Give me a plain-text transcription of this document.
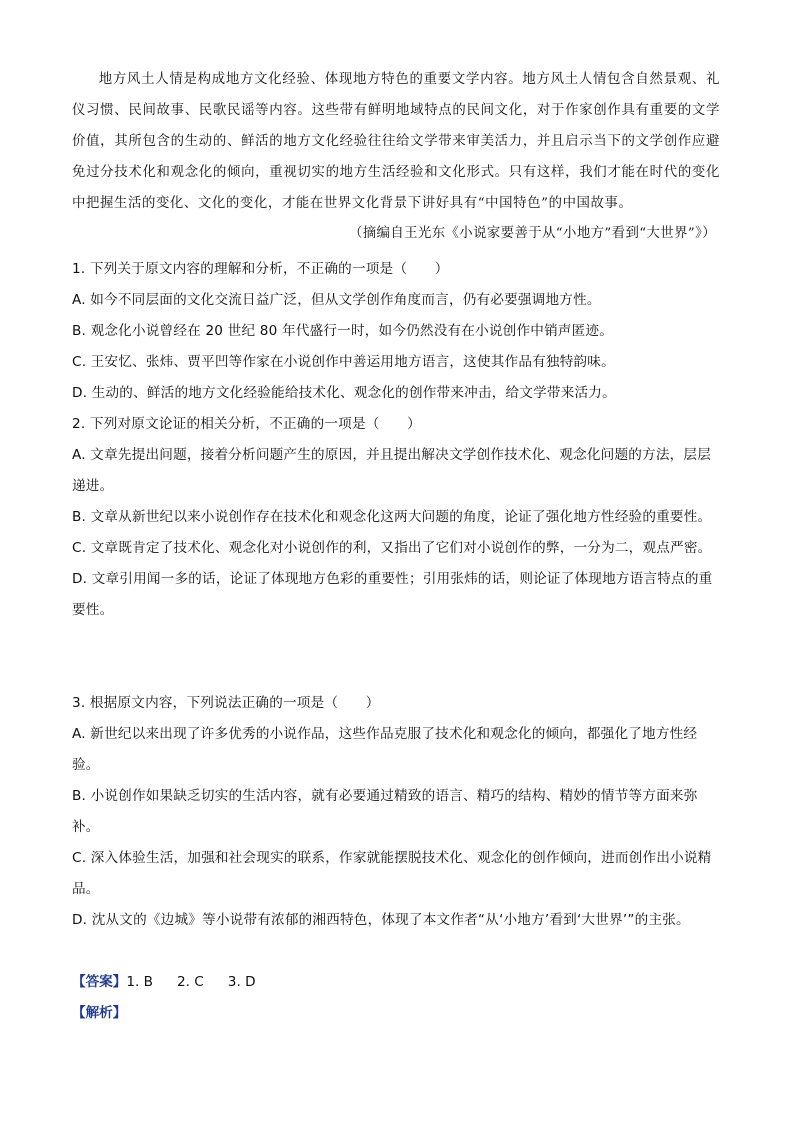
地方风土人情是构成地方文化经验、体现地方特色的重要文学内容。地方风土人情包含自然景观、礼仪习惯、民间故事、民歌民谣等内容。这些带有鲜明地域特点的民间文化，对于作家创作具有重要的文学价值，其所包含的生动的、鲜活的地方文化经验往往给文学带来审美活力，并且启示当下的文学创作应避免过分技术化和观念化的倾向，重视切实的地方生活经验和文化形式。只有这样，我们才能在时代的变化中把握生活的变化、文化的变化，才能在世界文化背景下讲好具有“中国特色”的中国故事。
（摘编自王光东《小说家要善于从“小地方”看到“大世界”》）
1. 下列关于原文内容的理解和分析，不正确的一项是（　　）
A. 如今不同层面的文化交流日益广泛，但从文学创作角度而言，仍有必要强调地方性。
B. 观念化小说曾经在 20 世纪 80 年代盛行一时，如今仍然没有在小说创作中销声匿迹。
C. 王安忆、张炜、贾平凹等作家在小说创作中善运用地方语言，这使其作品有独特韵味。
D. 生动的、鲜活的地方文化经验能给技术化、观念化的创作带来冲击，给文学带来活力。
2. 下列对原文论证的相关分析，不正确的一项是（　　）
A. 文章先提出问题，接着分析问题产生的原因，并且提出解决文学创作技术化、观念化问题的方法，层层递进。
B. 文章从新世纪以来小说创作存在技术化和观念化这两大问题的角度，论证了强化地方性经验的重要性。
C. 文章既肯定了技术化、观念化对小说创作的利，又指出了它们对小说创作的弊，一分为二，观点严密。
D. 文章引用闻一多的话，论证了体现地方色彩的重要性；引用张炜的话，则论证了体现地方语言特点的重要性。
3. 根据原文内容，下列说法正确的一项是（　　）
A. 新世纪以来出现了许多优秀的小说作品，这些作品克服了技术化和观念化的倾向，都强化了地方性经验。
B. 小说创作如果缺乏切实的生活内容，就有必要通过精致的语言、精巧的结构、精妙的情节等方面来弥补。
C. 深入体验生活，加强和社会现实的联系，作家就能摆脱技术化、观念化的创作倾向，进而创作出小说精品。
D. 沈从文的《边城》等小说带有浓郁的湘西特色，体现了本文作者“从‘小地方’看到‘大世界’”的主张。
【答案】1. B 2. C 3. D
【解析】
